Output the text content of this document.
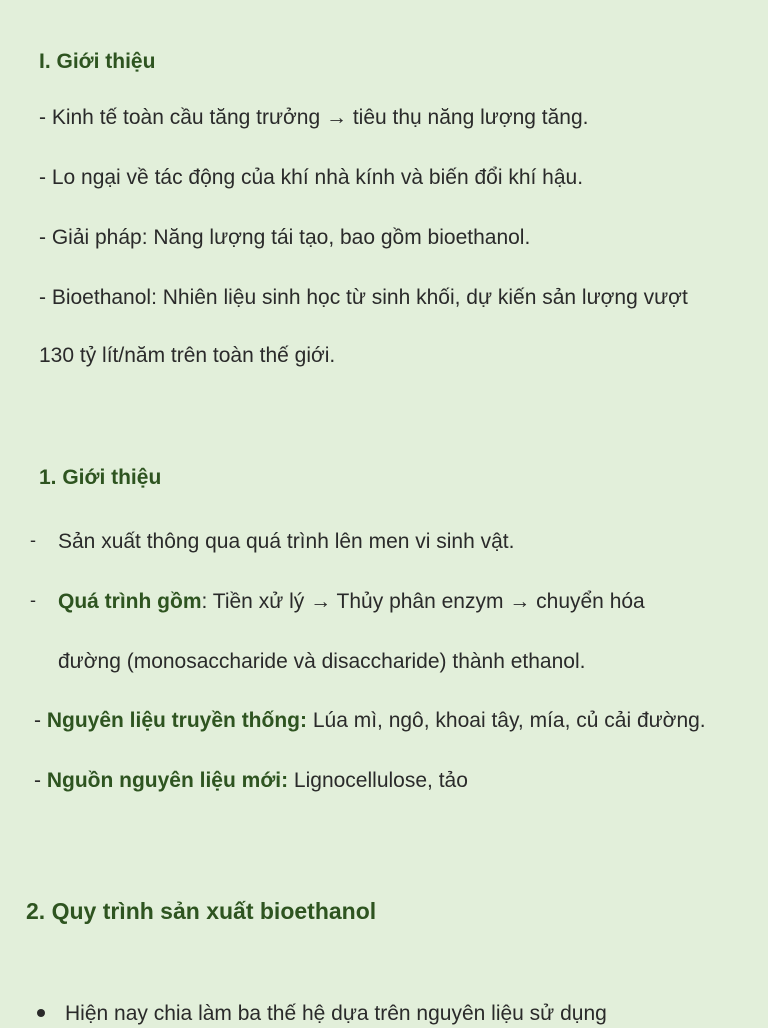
I. Giới thiệu
- Kinh tế toàn cầu tăng trưởng → tiêu thụ năng lượng tăng.
- Lo ngại về tác động của khí nhà kính và biến đổi khí hậu.
- Giải pháp: Năng lượng tái tạo, bao gồm bioethanol.
- Bioethanol: Nhiên liệu sinh học từ sinh khối, dự kiến sản lượng vượt
130 tỷ lít/năm trên toàn thế giới.
1. Giới thiệu
- Sản xuất thông qua quá trình lên men vi sinh vật.
- Quá trình gồm: Tiền xử lý → Thủy phân enzym → chuyển hóa
đường (monosaccharide và disaccharide) thành ethanol.
- Nguyên liệu truyền thống: Lúa mì, ngô, khoai tây, mía, củ cải đường.
- Nguồn nguyên liệu mới: Lignocellulose, tảo
2. Quy trình sản xuất bioethanol
Hiện nay chia làm ba thế hệ dựa trên nguyên liệu sử dụng
